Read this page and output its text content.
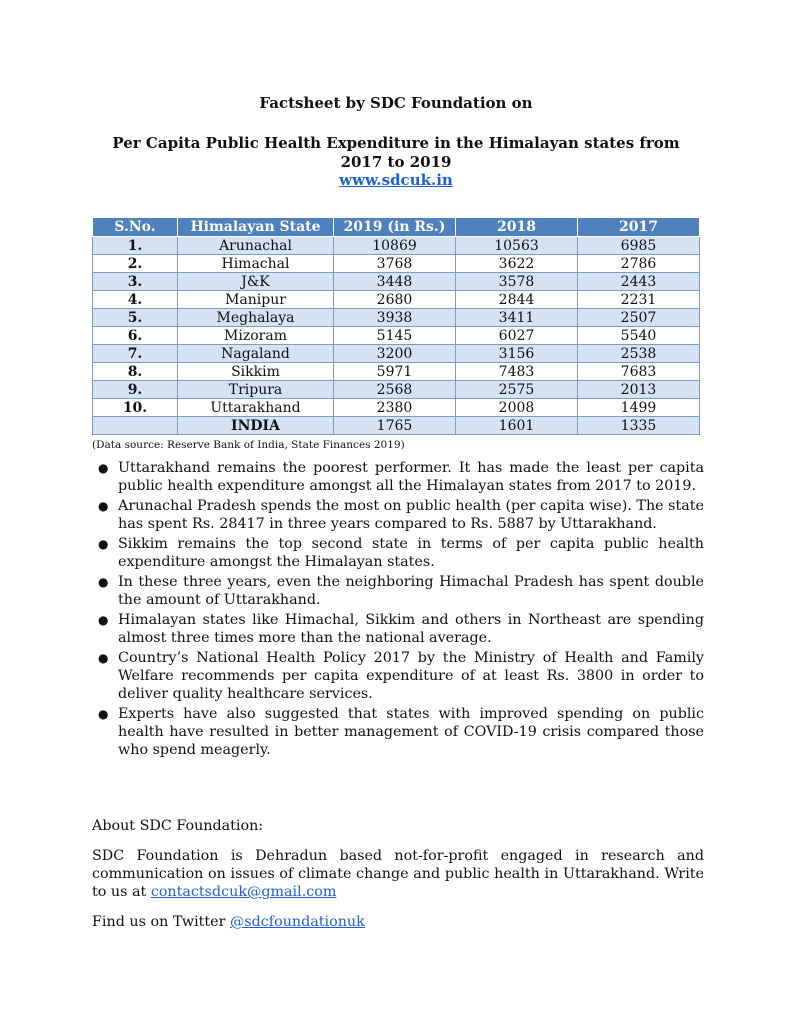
Factsheet by SDC Foundation on
Per Capita Public Health Expenditure in the Himalayan states from 2017 to 2019
www.sdcuk.in
S.No.	Himalayan State	2019 (in Rs.)	2018	2017
1.	Arunachal	10869	10563	6985
2.	Himachal	3768	3622	2786
3.	J&K	3448	3578	2443
4.	Manipur	2680	2844	2231
5.	Meghalaya	3938	3411	2507
6.	Mizoram	5145	6027	5540
7.	Nagaland	3200	3156	2538
8.	Sikkim	5971	7483	7683
9.	Tripura	2568	2575	2013
10.	Uttarakhand	2380	2008	1499
	INDIA	1765	1601	1335
(Data source: Reserve Bank of India, State Finances 2019)
● Uttarakhand remains the poorest performer. It has made the least per capita public health expenditure amongst all the Himalayan states from 2017 to 2019.
● Arunachal Pradesh spends the most on public health (per capita wise). The state has spent Rs. 28417 in three years compared to Rs. 5887 by Uttarakhand.
● Sikkim remains the top second state in terms of per capita public health expenditure amongst the Himalayan states.
● In these three years, even the neighboring Himachal Pradesh has spent double the amount of Uttarakhand.
● Himalayan states like Himachal, Sikkim and others in Northeast are spending almost three times more than the national average.
● Country’s National Health Policy 2017 by the Ministry of Health and Family Welfare recommends per capita expenditure of at least Rs. 3800 in order to deliver quality healthcare services.
● Experts have also suggested that states with improved spending on public health have resulted in better management of COVID-19 crisis compared those who spend meagerly.
About SDC Foundation:
SDC Foundation is Dehradun based not-for-profit engaged in research and communication on issues of climate change and public health in Uttarakhand. Write to us at contactsdcuk@gmail.com
Find us on Twitter @sdcfoundationuk
